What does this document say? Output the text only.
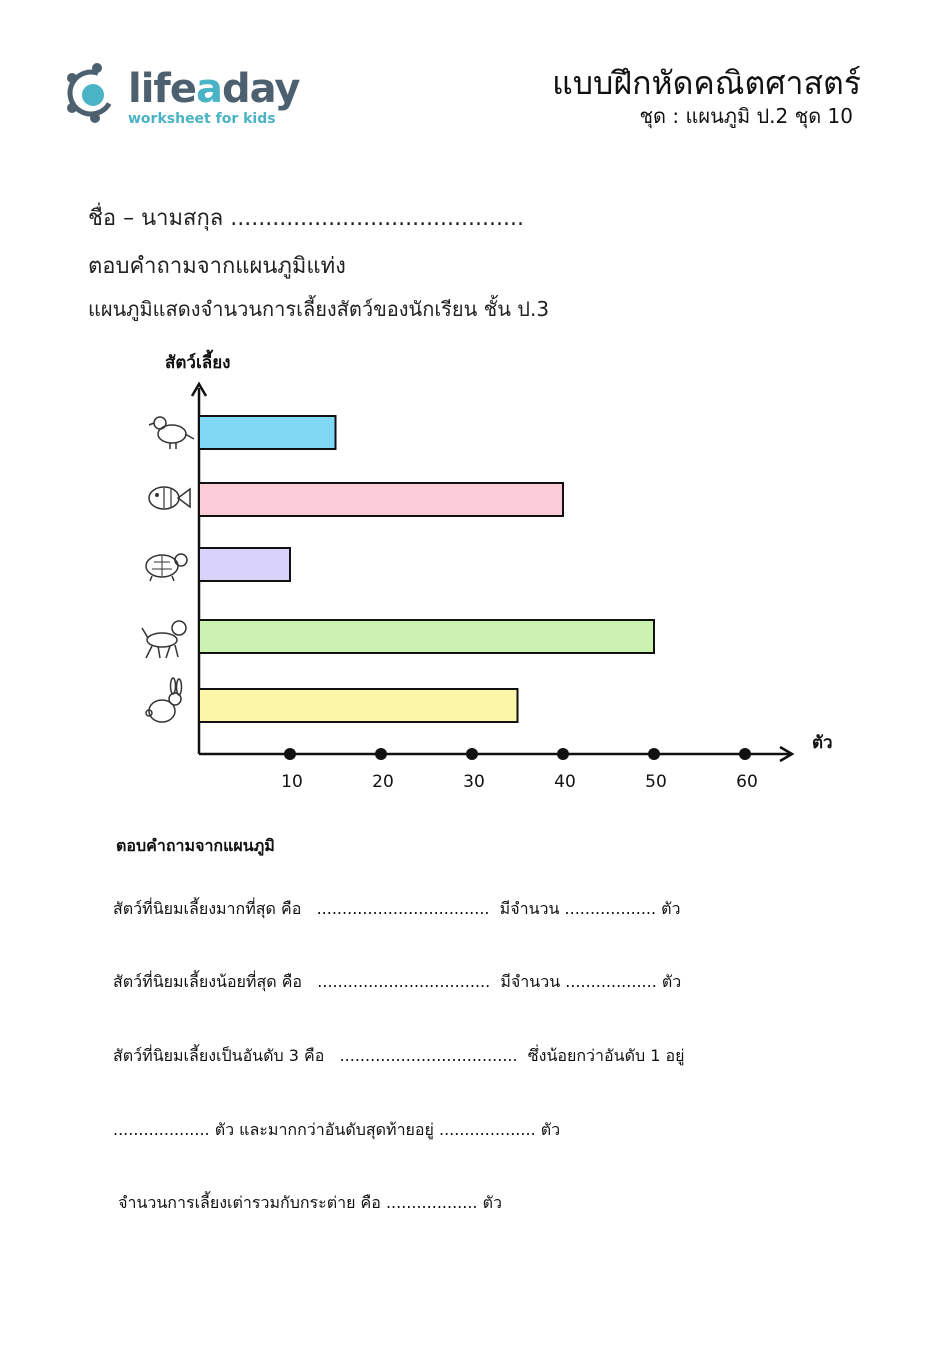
lifeaday
worksheet for kids
แบบฝึกหัดคณิตศาสตร์
ชุด : แผนภูมิ ป.2 ชุด 10
ชื่อ – นามสกุล ..........................................
ตอบคำถามจากแผนภูมิแท่ง
แผนภูมิแสดงจำนวนการเลี้ยงสัตว์ของนักเรียน ชั้น ป.3
10	20	30	40	50	60
สัตว์เลี้ยง
ตัว
ตอบคำถามจากแผนภูมิ
สัตว์ที่นิยมเลี้ยงมากที่สุด คือ   ..................................  มีจำนวน .................. ตัว
สัตว์ที่นิยมเลี้ยงน้อยที่สุด คือ   ..................................  มีจำนวน .................. ตัว
สัตว์ที่นิยมเลี้ยงเป็นอันดับ 3 คือ   ...................................  ซึ่งน้อยกว่าอันดับ 1 อยู่
................... ตัว และมากกว่าอันดับสุดท้ายอยู่ ................... ตัว
จำนวนการเลี้ยงเต่ารวมกับกระต่าย คือ .................. ตัว
